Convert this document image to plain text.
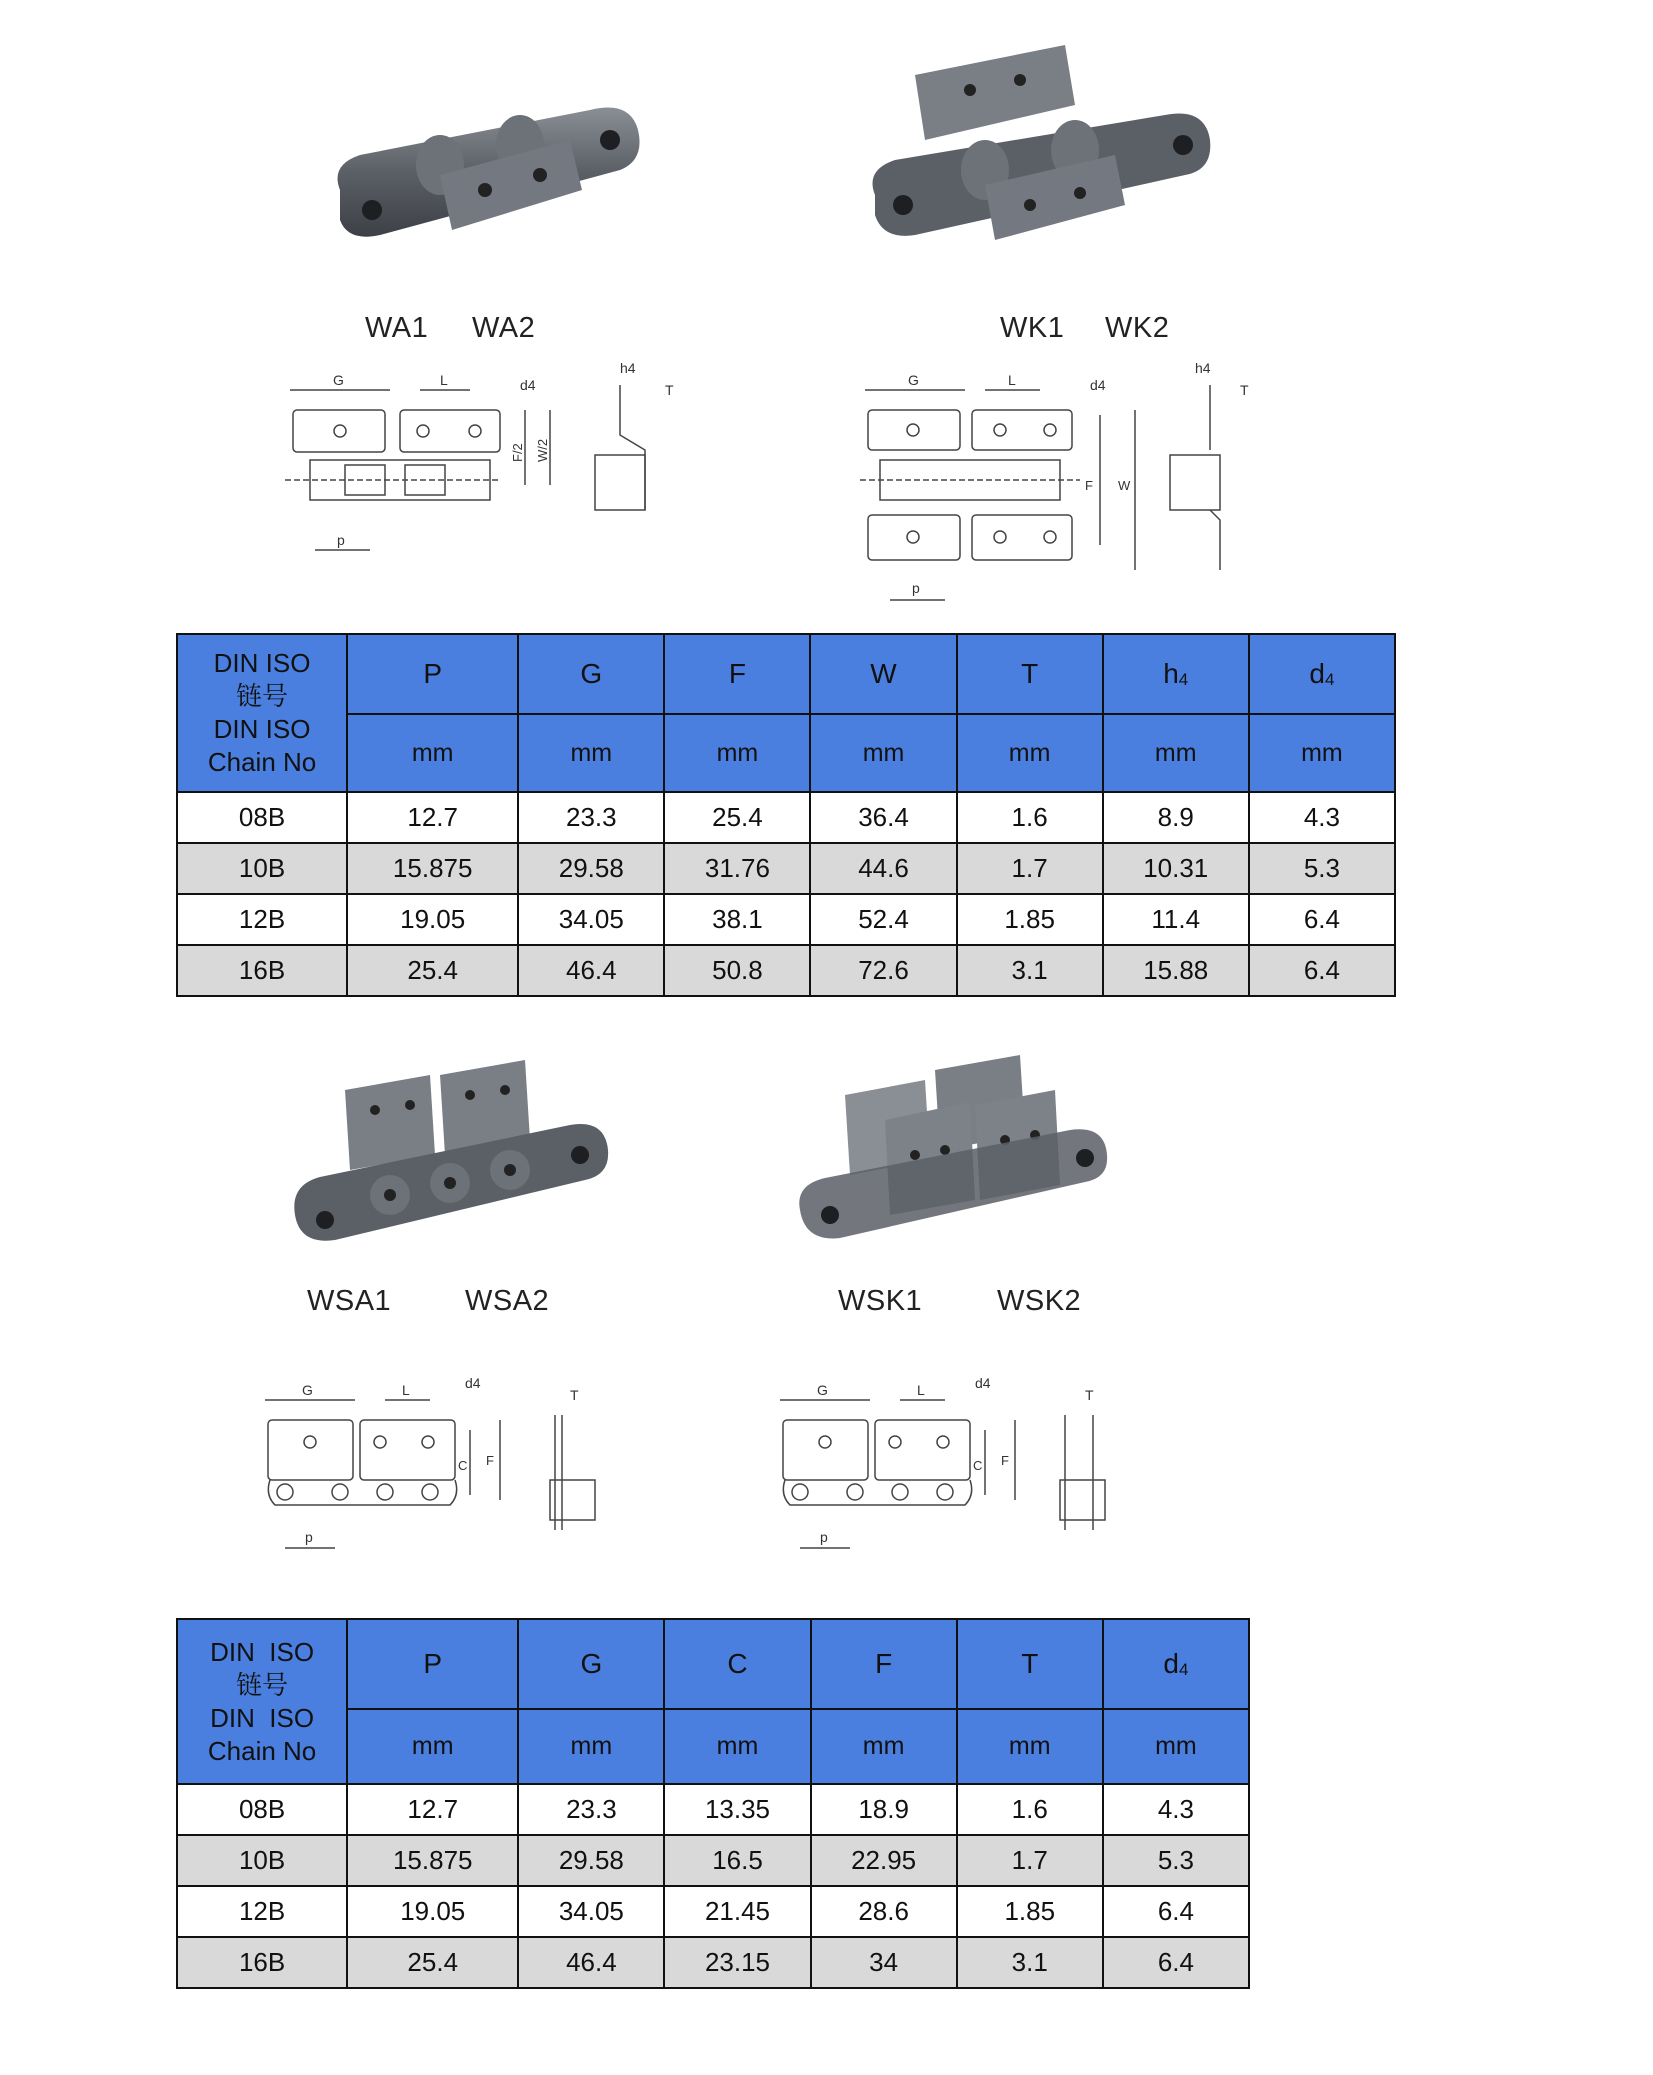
WA1 WA2	WK1 WK2
G	L	d4
F/2 W/2
p
h4
T
G	L	d4
F W
p
h4
T
DIN ISO
链号
DIN ISO
Chain No	P	G	F	W	T	$h_4$	$d_4$
	mm	mm	mm	mm	mm	mm	mm
08B	12.7	23.3	25.4	36.4	1.6	8.9	4.3
10B	15.875	29.58	31.76	44.6	1.7	10.31	5.3
12B	19.05	34.05	38.1	52.4	1.85	11.4	6.4
16B	25.4	46.4	50.8	72.6	3.1	15.88	6.4
WSA1	WSA2	WSK1	WSK2
G	L	d4
C F
p
T	G	L	d4
C F
p
T
DIN  ISO
链号
DIN  ISO
Chain No	P	G	C	F	T	$d_4$
	mm	mm	mm	mm	mm	mm
08B	12.7	23.3	13.35	18.9	1.6	4.3
10B	15.875	29.58	16.5	22.95	1.7	5.3
12B	19.05	34.05	21.45	28.6	1.85	6.4
16B	25.4	46.4	23.15	34	3.1	6.4
